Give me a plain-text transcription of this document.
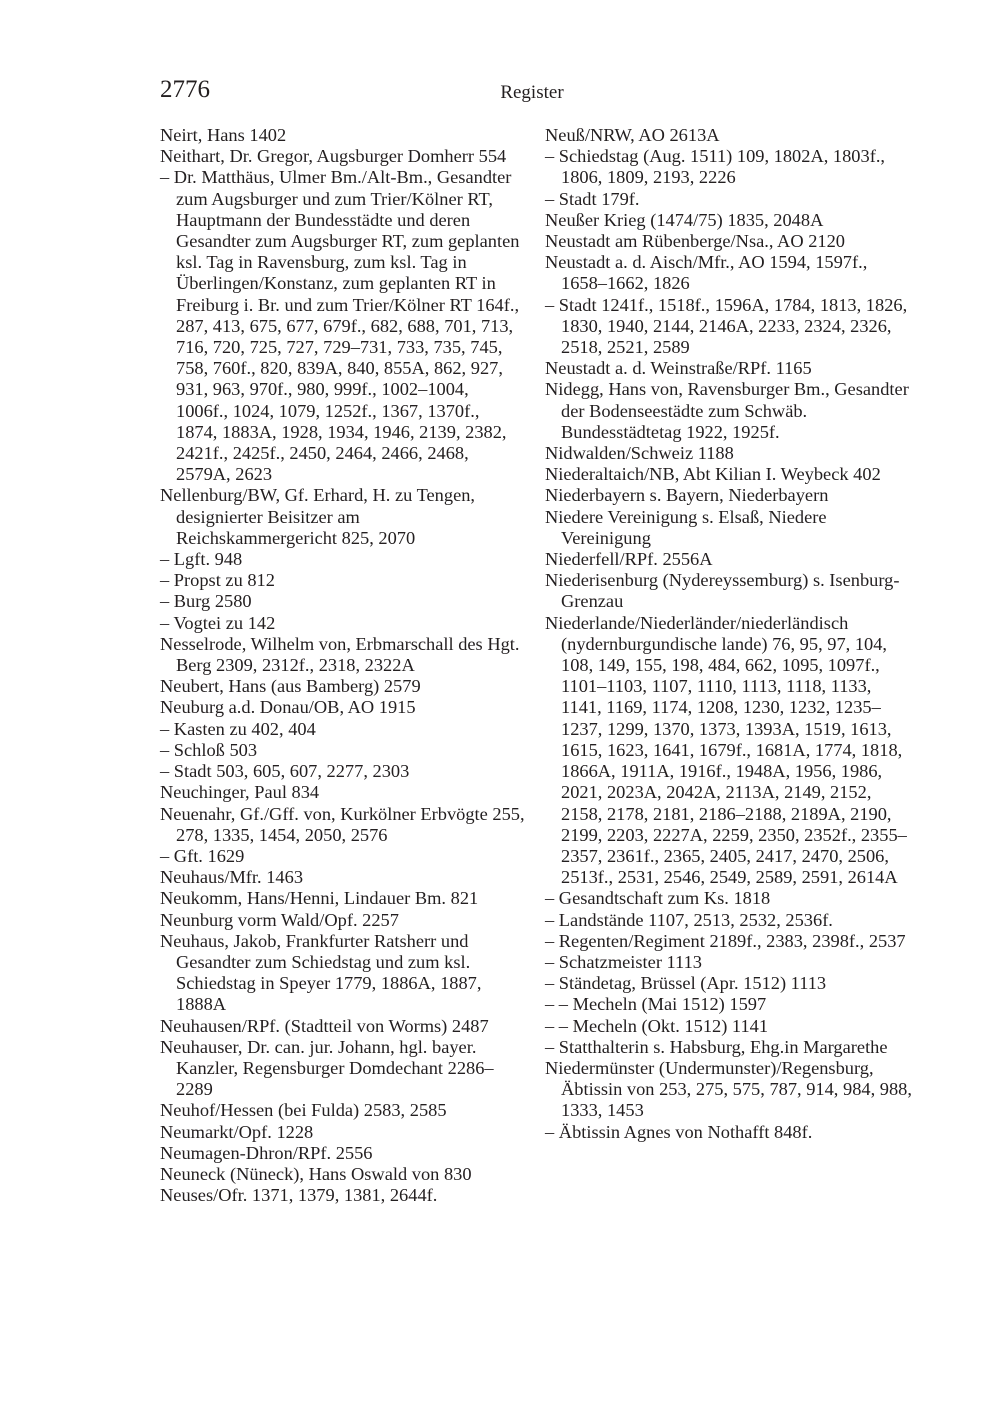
2776	Register

Neirt, Hans 1402

Neithart, Dr. Gregor, Augsburger Domherr 554

– Dr. Matthäus, Ulmer Bm./Alt-Bm., Gesandter zum Augsburger und zum Trier/Kölner RT, Hauptmann der Bundesstädte und deren Gesandter zum Augsburger RT, zum geplanten ksl. Tag in Ravensburg, zum ksl. Tag in Überlingen/Konstanz, zum geplanten RT in Freiburg i. Br. und zum Trier/Kölner RT 164f., 287, 413, 675, 677, 679f., 682, 688, 701, 713, 716, 720, 725, 727, 729–731, 733, 735, 745, 758, 760f., 820, 839A, 840, 855A, 862, 927, 931, 963, 970f., 980, 999f., 1002–1004, 1006f., 1024, 1079, 1252f., 1367, 1370f., 1874, 1883A, 1928, 1934, 1946, 2139, 2382, 2421f., 2425f., 2450, 2464, 2466, 2468, 2579A, 2623

Nellenburg/BW, Gf. Erhard, H. zu Tengen, designierter Beisitzer am Reichskammergericht 825, 2070

– Lgft. 948

– Propst zu 812

– Burg 2580

– Vogtei zu 142

Nesselrode, Wilhelm von, Erbmarschall des Hgt. Berg 2309, 2312f., 2318, 2322A

Neubert, Hans (aus Bamberg) 2579

Neuburg a.d. Donau/OB, AO 1915

– Kasten zu 402, 404

– Schloß 503

– Stadt 503, 605, 607, 2277, 2303

Neuchinger, Paul 834

Neuenahr, Gf./Gff. von, Kurkölner Erbvögte 255, 278, 1335, 1454, 2050, 2576

– Gft. 1629

Neuhaus/Mfr. 1463

Neukomm, Hans/Henni, Lindauer Bm. 821

Neunburg vorm Wald/Opf. 2257

Neuhaus, Jakob, Frankfurter Ratsherr und Gesandter zum Schiedstag und zum ksl. Schiedstag in Speyer 1779, 1886A, 1887, 1888A

Neuhausen/RPf. (Stadtteil von Worms) 2487

Neuhauser, Dr. can. jur. Johann, hgl. bayer. Kanzler, Regensburger Domdechant 2286–2289

Neuhof/Hessen (bei Fulda) 2583, 2585

Neumarkt/Opf. 1228

Neumagen-Dhron/RPf. 2556

Neuneck (Nüneck), Hans Oswald von 830

Neuses/Ofr. 1371, 1379, 1381, 2644f.

Neuß/NRW, AO 2613A

– Schiedstag (Aug. 1511) 109, 1802A, 1803f., 1806, 1809, 2193, 2226

– Stadt 179f.

Neußer Krieg (1474/75) 1835, 2048A

Neustadt am Rübenberge/Nsa., AO 2120

Neustadt a. d. Aisch/Mfr., AO 1594, 1597f., 1658–1662, 1826

– Stadt 1241f., 1518f., 1596A, 1784, 1813, 1826, 1830, 1940, 2144, 2146A, 2233, 2324, 2326, 2518, 2521, 2589

Neustadt a. d. Weinstraße/RPf. 1165

Nidegg, Hans von, Ravensburger Bm., Gesandter der Bodenseestädte zum Schwäb. Bundesstädtetag 1922, 1925f.

Nidwalden/Schweiz 1188

Niederaltaich/NB, Abt Kilian I. Weybeck 402

Niederbayern s. Bayern, Niederbayern

Niedere Vereinigung s. Elsaß, Niedere Vereinigung

Niederfell/RPf. 2556A

Niederisenburg (Nydereyssemburg) s. Isenburg-Grenzau

Niederlande/Niederländer/niederländisch (nydernburgundische lande) 76, 95, 97, 104, 108, 149, 155, 198, 484, 662, 1095, 1097f., 1101–1103, 1107, 1110, 1113, 1118, 1133, 1141, 1169, 1174, 1208, 1230, 1232, 1235–1237, 1299, 1370, 1373, 1393A, 1519, 1613, 1615, 1623, 1641, 1679f., 1681A, 1774, 1818, 1866A, 1911A, 1916f., 1948A, 1956, 1986, 2021, 2023A, 2042A, 2113A, 2149, 2152, 2158, 2178, 2181, 2186–2188, 2189A, 2190, 2199, 2203, 2227A, 2259, 2350, 2352f., 2355–2357, 2361f., 2365, 2405, 2417, 2470, 2506, 2513f., 2531, 2546, 2549, 2589, 2591, 2614A

– Gesandtschaft zum Ks. 1818

– Landstände 1107, 2513, 2532, 2536f.

– Regenten/Regiment 2189f., 2383, 2398f., 2537

– Schatzmeister 1113

– Ständetag, Brüssel (Apr. 1512) 1113

– – Mecheln (Mai 1512) 1597

– – Mecheln (Okt. 1512) 1141

– Statthalterin s. Habsburg, Ehg.in Margarethe

Niedermünster (Undermunster)/Regensburg, Äbtissin von 253, 275, 575, 787, 914, 984, 988, 1333, 1453

– Äbtissin Agnes von Nothafft 848f.
